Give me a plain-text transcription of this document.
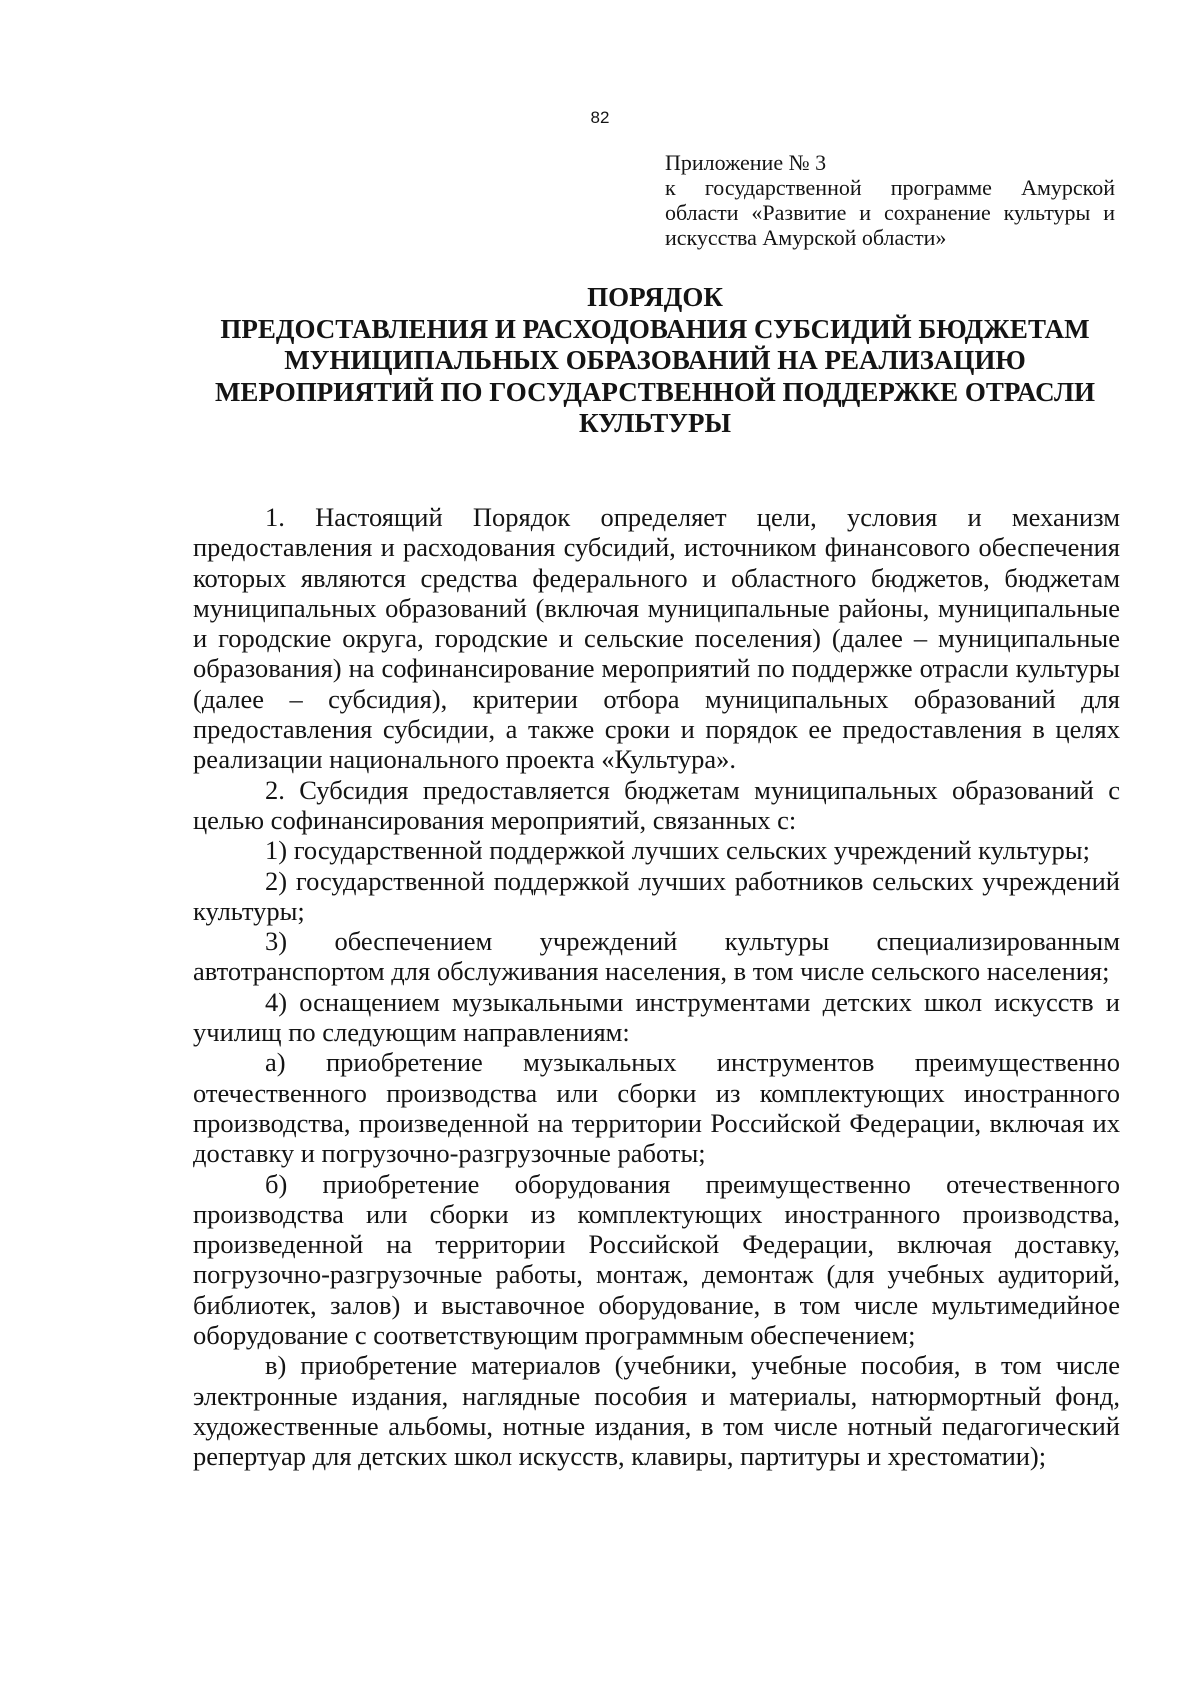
82
Приложение № 3
к государственной программе Амурской
области «Развитие и сохранение культуры и
искусства Амурской области»
ПОРЯДОК
ПРЕДОСТАВЛЕНИЯ И РАСХОДОВАНИЯ СУБСИДИЙ БЮДЖЕТАМ
МУНИЦИПАЛЬНЫХ ОБРАЗОВАНИЙ НА РЕАЛИЗАЦИЮ
МЕРОПРИЯТИЙ ПО ГОСУДАРСТВЕННОЙ ПОДДЕРЖКЕ ОТРАСЛИ
КУЛЬТУРЫ

1. Настоящий Порядок определяет цели, условия и механизм предоставления и расходования субсидий, источником финансового обеспечения которых являются средства федерального и областного бюджетов, бюджетам муниципальных образований (включая муниципальные районы, муниципальные и городские округа, городские и сельские поселения) (далее – муниципальные образования) на софинансирование мероприятий по поддержке отрасли культуры (далее – субсидия), критерии отбора муниципальных образований для предоставления субсидии, а также сроки и порядок ее предоставления в целях реализации национального проекта «Культура».

2. Субсидия предоставляется бюджетам муниципальных образований с целью софинансирования мероприятий, связанных с:

1) государственной поддержкой лучших сельских учреждений культуры;

2) государственной поддержкой лучших работников сельских учреждений культуры;

3) обеспечением учреждений культуры специализированным автотранспортом для обслуживания населения, в том числе сельского населения;

4) оснащением музыкальными инструментами детских школ искусств и училищ по следующим направлениям:

а) приобретение музыкальных инструментов преимущественно отечественного производства или сборки из комплектующих иностранного производства, произведенной на территории Российской Федерации, включая их доставку и погрузочно-разгрузочные работы;

б) приобретение оборудования преимущественно отечественного производства или сборки из комплектующих иностранного производства, произведенной на территории Российской Федерации, включая доставку, погрузочно-разгрузочные работы, монтаж, демонтаж (для учебных аудиторий, библиотек, залов) и выставочное оборудование, в том числе мультимедийное оборудование с соответствующим программным обеспечением;

в) приобретение материалов (учебники, учебные пособия, в том числе электронные издания, наглядные пособия и материалы, натюрмортный фонд, художественные альбомы, нотные издания, в том числе нотный педагогический репертуар для детских школ искусств, клавиры, партитуры и хрестоматии);
